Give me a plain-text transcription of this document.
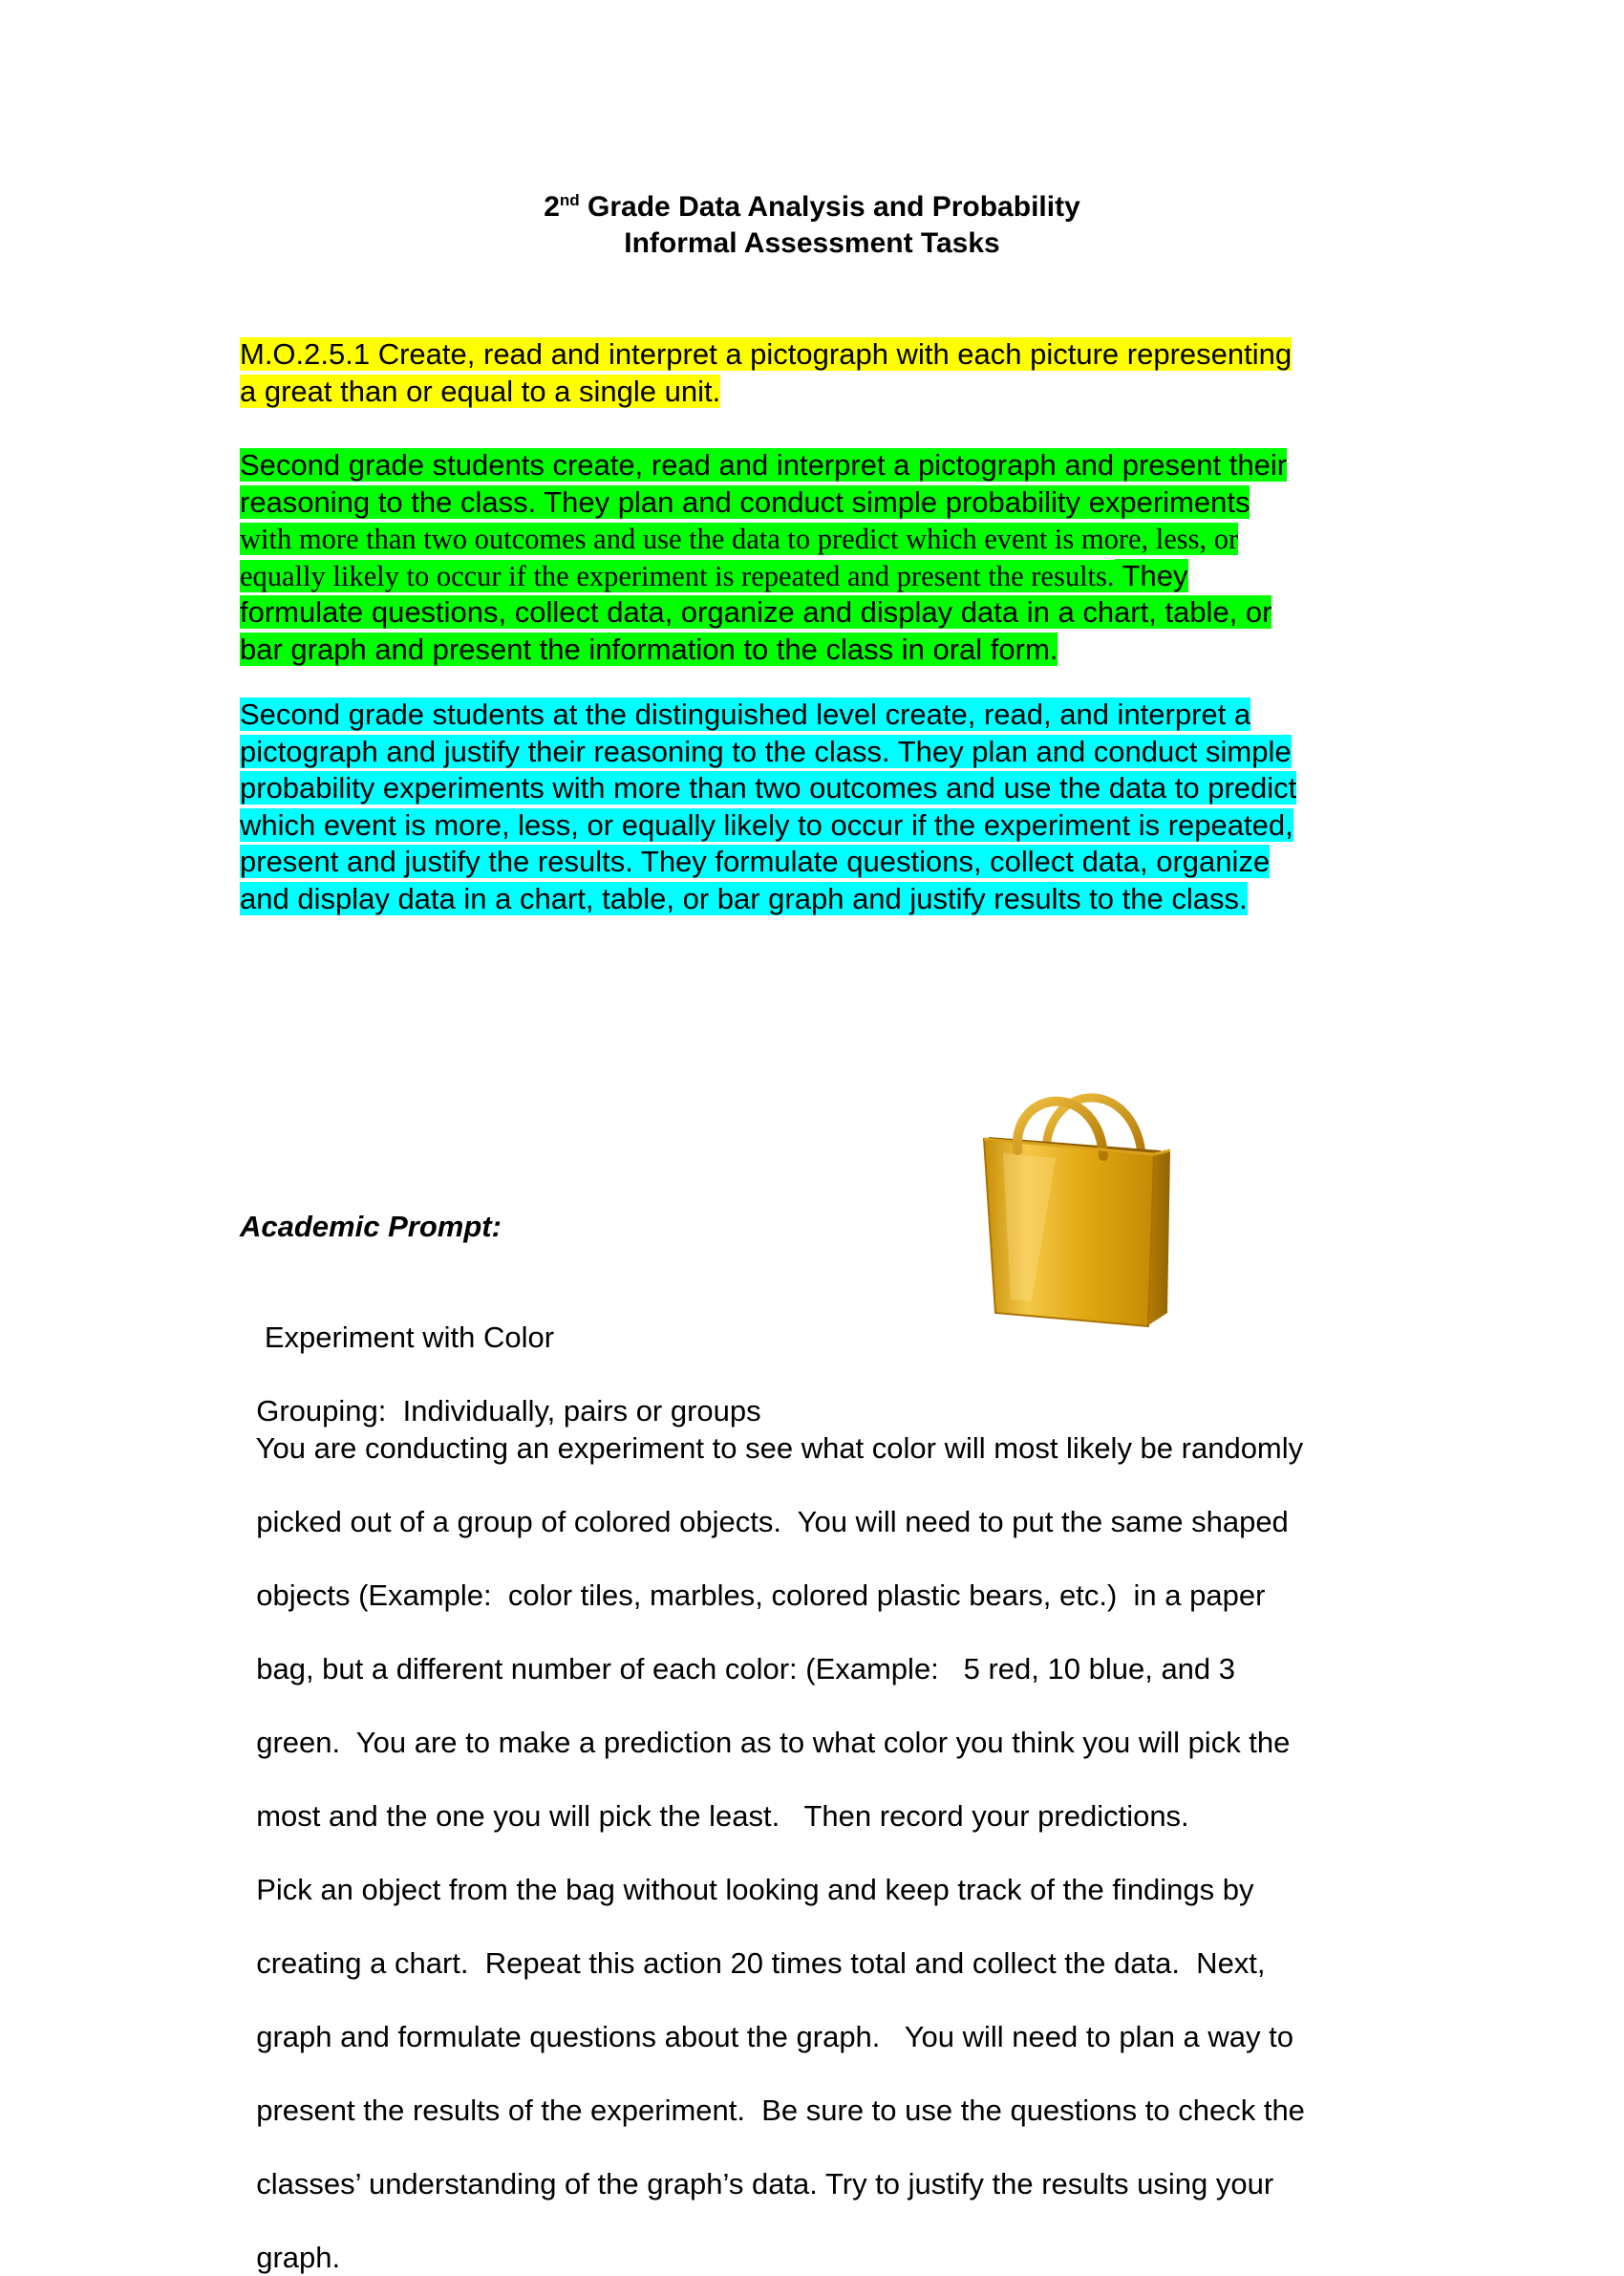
2nd Grade Data Analysis and Probability
Informal Assessment Tasks
M.O.2.5.1 Create, read and interpret a pictograph with each picture representing
a great than or equal to a single unit.
Second grade students create, read and interpret a pictograph and present their
reasoning to the class. They plan and conduct simple probability experiments
with more than two outcomes and use the data to predict which event is more, less, or
equally likely to occur if the experiment is repeated and present the results. They
formulate questions, collect data, organize and display data in a chart, table, or
bar graph and present the information to the class in oral form.
Second grade students at the distinguished level create, read, and interpret a
pictograph and justify their reasoning to the class. They plan and conduct simple
probability experiments with more than two outcomes and use the data to predict
which event is more, less, or equally likely to occur if the experiment is repeated,
present and justify the results. They formulate questions, collect data, organize
and display data in a chart, table, or bar graph and justify results to the class.
Academic Prompt:

Experiment with Color

Grouping:  Individually, pairs or groups

You are conducting an experiment to see what color will most likely be randomly

picked out of a group of colored objects.  You will need to put the same shaped

objects (Example:  color tiles, marbles, colored plastic bears, etc.)  in a paper

bag, but a different number of each color: (Example:   5 red, 10 blue, and 3

green.  You are to make a prediction as to what color you think you will pick the

most and the one you will pick the least.   Then record your predictions.

Pick an object from the bag without looking and keep track of the findings by

creating a chart.  Repeat this action 20 times total and collect the data.  Next,

graph and formulate questions about the graph.   You will need to plan a way to

present the results of the experiment.  Be sure to use the questions to check the

classes’ understanding of the graph’s data. Try to justify the results using your

graph.
